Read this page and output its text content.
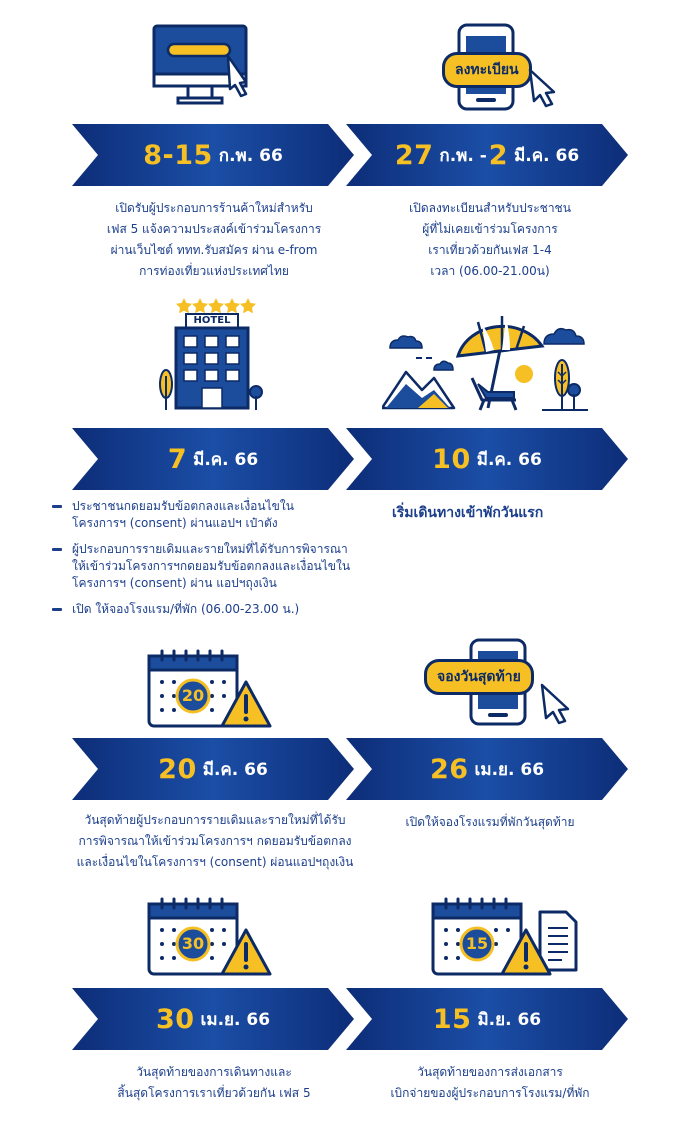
ลงทะเบียน
HOTEL
20
จองวันสุดท้าย
30	15
8-15 ก.พ. 66	27 ก.พ. - 2 มี.ค. 66
7 มี.ค. 66	10 มี.ค. 66
20 มี.ค. 66	26 เม.ย. 66
30 เม.ย. 66	15 มิ.ย. 66
เปิดรับผู้ประกอบการร้านค้าใหม่สำหรับ
เฟส 5 แจ้งความประสงค์เข้าร่วมโครงการ
ผ่านเว็บไซต์ ททท.รับสมัคร ผ่าน e-from
การท่องเที่ยวแห่งประเทศไทย
เปิดลงทะเบียนสำหรับประชาชน
ผู้ที่ไม่เคยเข้าร่วมโครงการ
เราเที่ยวด้วยกันเฟส 1-4
เวลา (06.00-21.00น)
ประชาชนกดยอมรับข้อตกลงและเงื่อนไขใน
โครงการฯ (consent) ผ่านแอปฯ เป๋าตัง
ผู้ประกอบการรายเดิมและรายใหม่ที่ได้รับการพิจารณา
ให้เข้าร่วมโครงการฯกดยอมรับข้อตกลงและเงื่อนไขใน
โครงการฯ (consent) ผ่าน แอปฯถุงเงิน
เปิด ให้จองโรงแรม/ที่พัก (06.00-23.00 น.)
เริ่มเดินทางเข้าพักวันแรก
วันสุดท้ายผู้ประกอบการรายเดิมและรายใหม่ที่ได้รับ
การพิจารณาให้เข้าร่วมโครงการฯ กดยอมรับข้อตกลง
และเงื่อนไขในโครงการฯ (consent) ผ่อนแอปฯถุงเงิน
เปิดให้จองโรงแรมที่พักวันสุดท้าย
วันสุดท้ายของการเดินทางและ
สิ้นสุดโครงการเราเที่ยวด้วยกัน เฟส 5
วันสุดท้ายของการส่งเอกสาร
เบิกจ่ายของผู้ประกอบการโรงแรม/ที่พัก
